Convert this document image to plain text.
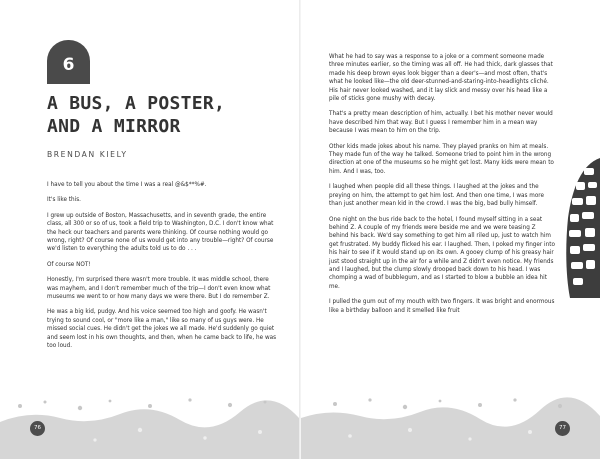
6
A BUS, A POSTER, AND A MIRROR

BRENDAN KIELY

I have to tell you about the time I was a real @&$**%#.

It's like this.

I grew up outside of Boston, Massachusetts, and in seventh grade, the entire class, all 300 or so of us, took a field trip to Washington, D.C. I don't know what the heck our teachers and parents were thinking. Of course nothing would go wrong, right? Of course none of us would get into any trouble—right? Of course we'd listen to everything the adults told us to do . . .

Of course NOT!

Honestly, I'm surprised there wasn't more trouble. It was middle school, there was mayhem, and I don't remember much of the trip—I don't even know what museums we went to or how many days we were there. But I do remember Z.

He was a big kid, pudgy. And his voice seemed too high and goofy. He wasn't trying to sound cool, or "more like a man," like so many of us guys were. He missed social cues. He didn't get the jokes we all made. He'd suddenly go quiet and seem lost in his own thoughts, and then, when he came back to life, he was too loud.

What he had to say was a response to a joke or a comment someone made three minutes earlier, so the timing was all off. He had thick, dark glasses that made his deep brown eyes look bigger than a deer's—and most often, that's what he looked like—the old deer-stunned-and-staring-into-headlights cliché. His hair never looked washed, and it lay slick and messy over his head like a pile of sticks gone mushy with decay.

That's a pretty mean description of him, actually. I bet his mother never would have described him that way. But I guess I remember him in a mean way because I was mean to him on the trip.

Other kids made jokes about his name. They played pranks on him at meals. They made fun of the way he talked. Someone tried to point him in the wrong direction at one of the museums so he might get lost. Many kids were mean to him. And I was, too.

I laughed when people did all these things. I laughed at the jokes and the preying on him, the attempt to get him lost. And then one time, I was more than just another mean kid in the crowd. I was the big, bad bully himself.

One night on the bus ride back to the hotel, I found myself sitting in a seat behind Z. A couple of my friends were beside me and we were teasing Z behind his back. We'd say something to get him all riled up, just to watch him get frustrated. My buddy flicked his ear. I laughed. Then, I poked my finger into his hair to see if it would stand up on its own. A gooey clump of his greasy hair just stood straight up in the air for a while and Z didn't even notice. My friends and I laughed, but the clump slowly drooped back down to his head. I was chomping a wad of bubblegum, and as I started to blow a bubble an idea hit me.

I pulled the gum out of my mouth with two fingers. It was bright and enormous like a birthday balloon and it smelled like fruit

76	77
